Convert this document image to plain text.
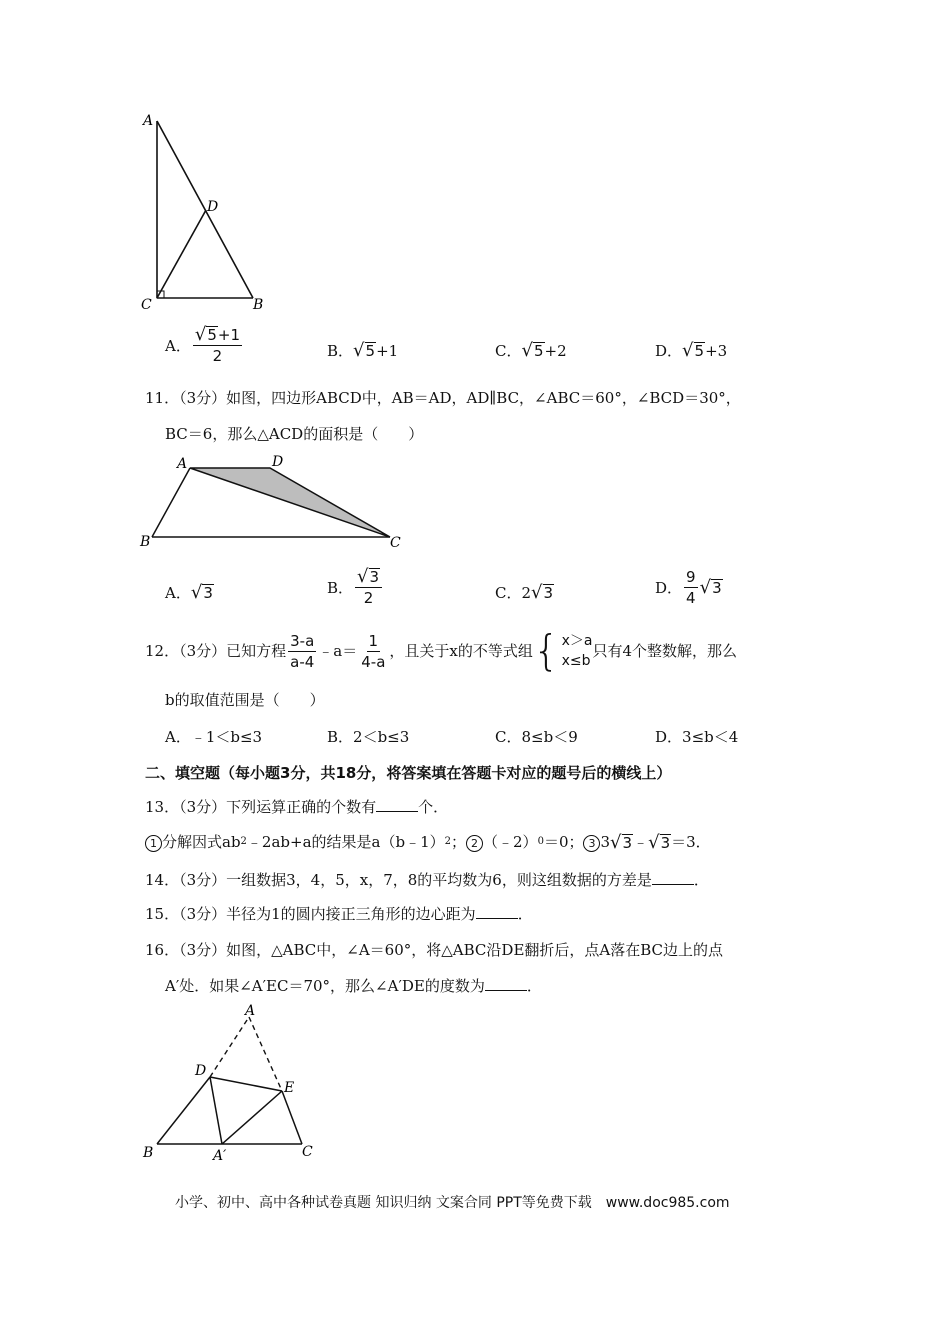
A
D
C	B
A． $\frac{√ 5 +1}{2}$	B． √ 5 +1	C． √ 5 +2	D． √ 5 +3
11．（3分）如图，四边形ABCD中，AB＝AD，AD∥BC，∠ABC＝60°，∠BCD＝30°，
BC＝6，那么△ACD的面积是（　　）
A	D
B	C
A． √ 3	B． $\frac{√ 3}{2}$	C． 2 √ 3	D． $\frac{9}{4}$ √ 3
12．（3分）已知方程 $\frac{3-a}{a-4}$ ﹣a＝ $\frac{1}{4-a}$ ，且关于x的不等式组 { x＞a
x≤b
只有4个整数解，那么
b的取值范围是（　　）
A．﹣1＜b≤3	B．2＜b≤3	C．8≤b＜9	D．3≤b＜4
二、填空题（每小题3分，共18分，将答案填在答题卡对应的题号后的横线上）
13．（3分）下列运算正确的个数有	个．
1 分解因式ab 2 ﹣2ab+a的结果是a（b﹣1） 2 ； 2 （﹣2） 0 ＝0； 3 3 √ 3 ﹣ √ 3 ＝3．
14．（3分）一组数据3，4，5，x，7，8的平均数为6，则这组数据的方差是	．
15．（3分）半径为1的圆内接正三角形的边心距为	．
16．（3分）如图，△ABC中，∠A＝60°，将△ABC沿DE翻折后，点A落在BC边上的点
A′处．如果∠A′EC＝70°，那么∠A′DE的度数为	．
A
D
E
B	A′	C
小学、初中、高中各种试卷真题 知识归纳 文案合同 PPT等免费下载　www.doc985.com
